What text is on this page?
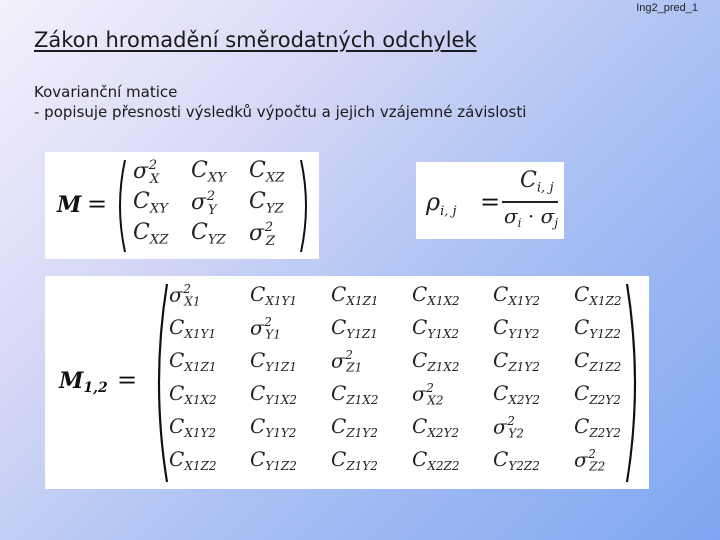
Ing2_pred_1
Zákon hromadění směrodatných odchylek
Kovarianční matice
- popisuje přesnosti výsledků výpočtu a jejich vzájemné závislosti
M =
$\sigma^2_X$ $C_{XY}$ $C_{XZ}$
$C_{XY}$ $\sigma^2_Y$ $C_{YZ}$
$C_{XZ}$ $C_{YZ}$ $\sigma^2_Z$
$\rho_{i, j}$ =
$C_{i, j}$
$\sigma_i \cdot \sigma_j$
M1,2 =
$\sigma^2_{X1}$ $C_{X1Y1}$ $C_{X1Z1}$ $C_{X1X2}$ $C_{X1Y2}$ $C_{X1Z2}$
$C_{X1Y1}$ $\sigma^2_{Y1}$	$C_{Y1Z1}$ $C_{Y1X2}$ $C_{Y1Y2}$ $C_{Y1Z2}$
$C_{X1Z1}$ $C_{Y1Z1}$ $\sigma^2_{Z1}$ $C_{Z1X2}$ $C_{Z1Y2}$ $C_{Z1Z2}$
$C_{X1X2}$ $C_{Y1X2}$ $C_{Z1X2}$ $\sigma^2_{X2}$ $C_{X2Y2}$ $C_{Z2Y2}$
$C_{X1Y2}$ $C_{Y1Y2}$ $C_{Z1Y2}$ $C_{X2Y2}$ $\sigma^2_{Y2}$	$C_{Z2Y2}$
$C_{X1Z2}$ $C_{Y1Z2}$ $C_{Z1Y2}$ $C_{X2Z2}$ $C_{Y2Z2}$ $\sigma^2_{Z2}$
